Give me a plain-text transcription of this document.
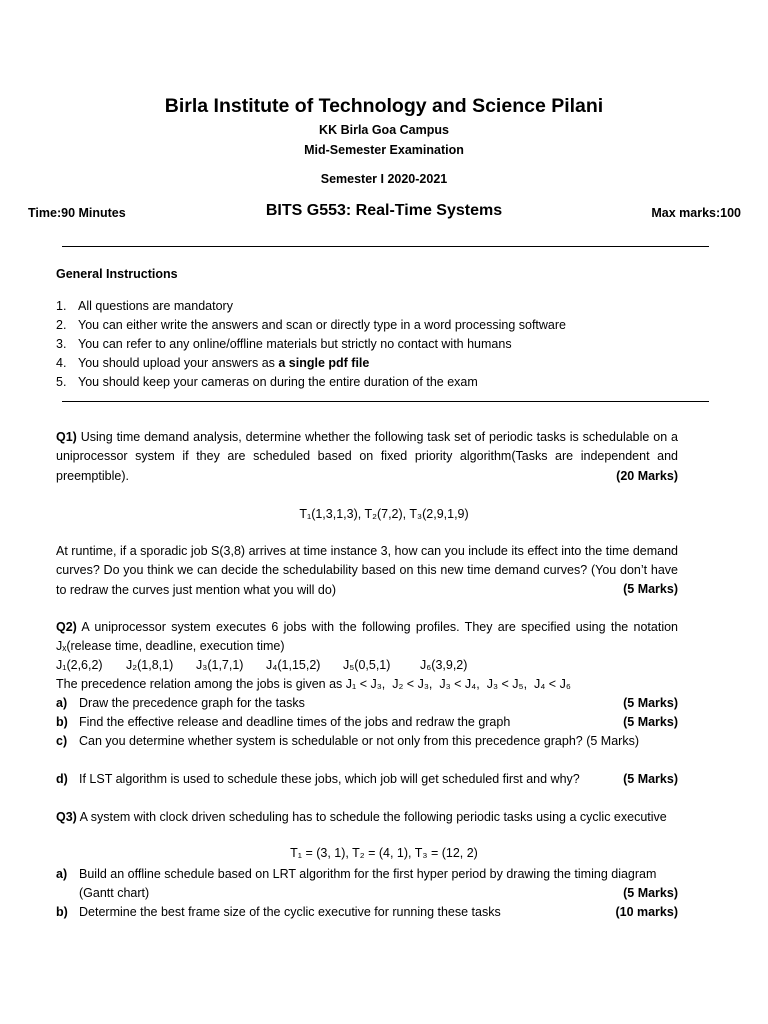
Birla Institute of Technology and Science Pilani
KK Birla Goa Campus
Mid-Semester Examination
Semester I 2020-2021
Time:90 Minutes	BITS G553: Real-Time Systems	Max marks:100
General Instructions
1. All questions are mandatory
2. You can either write the answers and scan or directly type in a word processing software
3. You can refer to any online/offline materials but strictly no contact with humans
4. You should upload your answers as a single pdf file
5. You should keep your cameras on during the entire duration of the exam
Q1) Using time demand analysis, determine whether the following task set of periodic tasks is schedulable on a uniprocessor system if they are scheduled based on fixed priority algorithm(Tasks are independent and preemptible).	(20 Marks)
T₁(1,3,1,3), T₂(7,2), T₃(2,9,1,9)
At runtime, if a sporadic job S(3,8) arrives at time instance 3, how can you include its effect into the time demand curves? Do you think we can decide the schedulability based on this new time demand curves? (You don’t have to redraw the curves just mention what you will do)	(5 Marks)
Q2) A uniprocessor system executes 6 jobs with the following profiles. They are specified using the notation Jₓ(release time, deadline, execution time)
J₁(2,6,2) J₂(1,8,1) J₃(1,7,1) J₄(1,15,2) J₅(0,5,1) J₆(3,9,2)
The precedence relation among the jobs is given as J₁ < J₃,  J₂ < J₃,  J₃ < J₄,  J₃ < J₅,  J₄ < J₆
a) Draw the precedence graph for the tasks	(5 Marks)
b) Find the effective release and deadline times of the jobs and redraw the graph	(5 Marks)
c) Can you determine whether system is schedulable or not only from this precedence graph? (5 Marks)
d) If LST algorithm is used to schedule these jobs, which job will get scheduled first and why?	(5 Marks)
Q3) A system with clock driven scheduling has to schedule the following periodic tasks using a cyclic executive
T₁ = (3, 1), T₂ = (4, 1), T₃ = (12, 2)
a) Build an offline schedule based on LRT algorithm for the first hyper period by drawing the timing diagram (Gantt chart)	(5 Marks)
b) Determine the best frame size of the cyclic executive for running these tasks	(10 marks)
